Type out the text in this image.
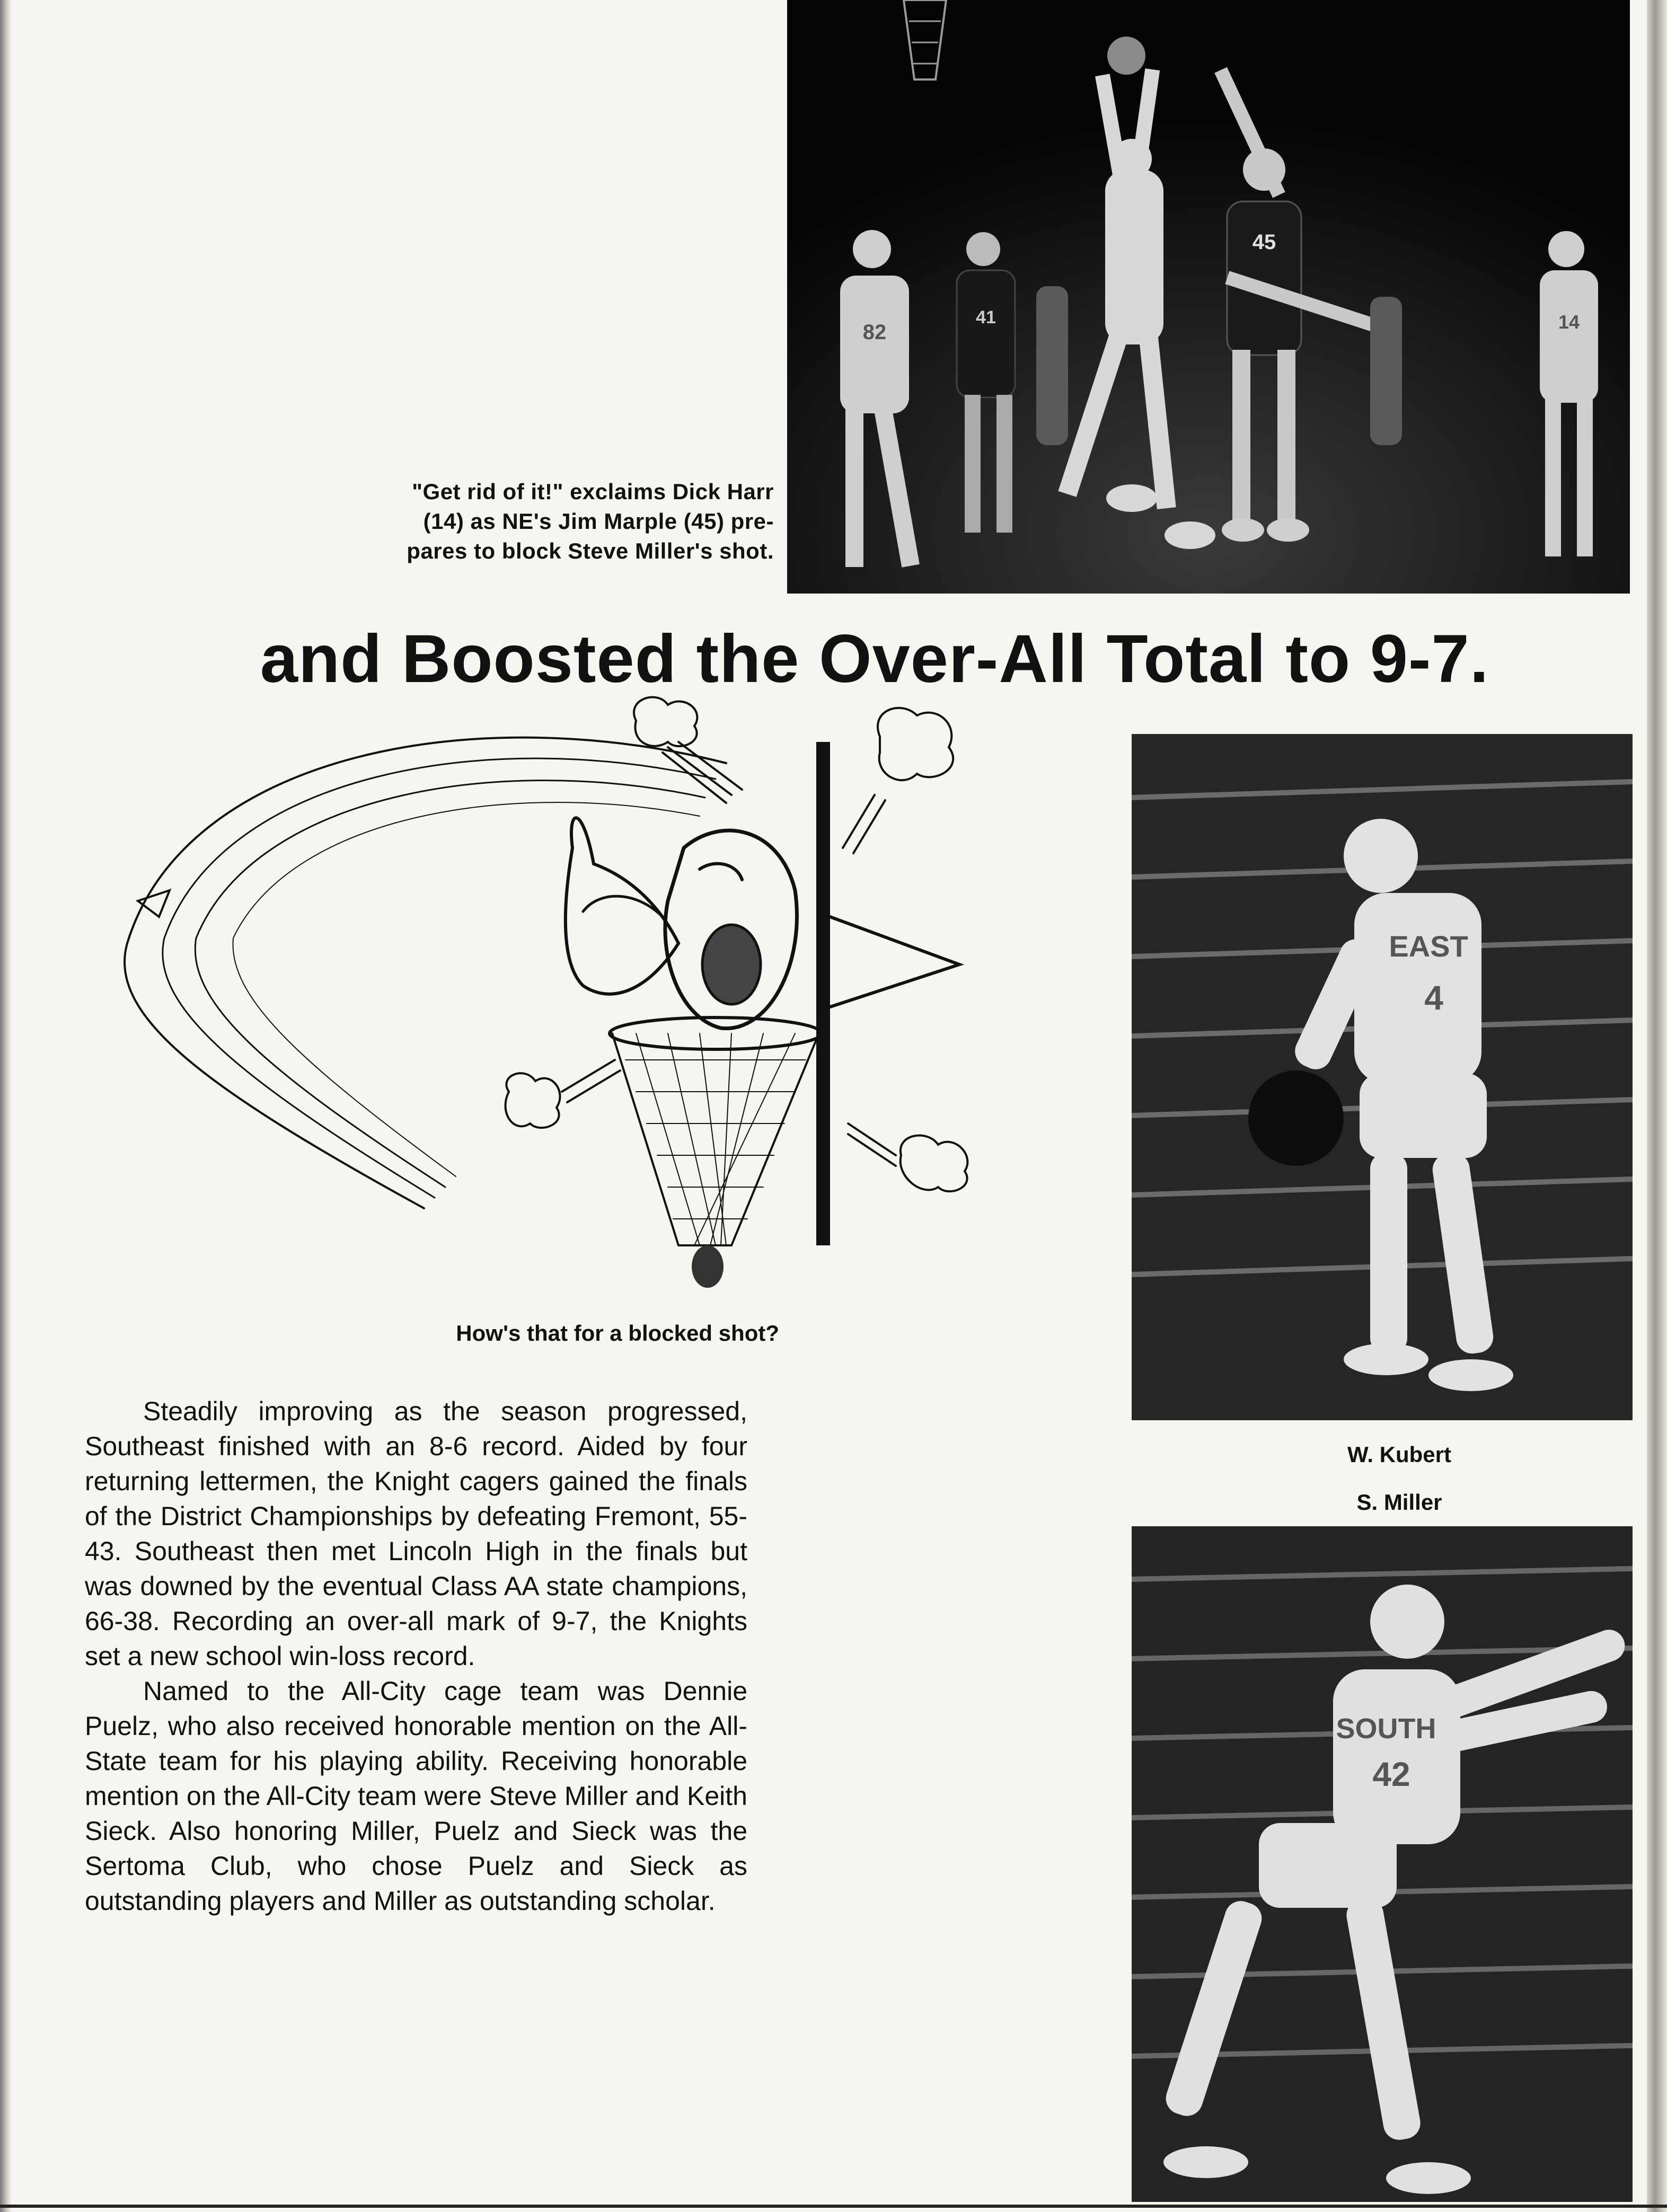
45
82
41	14
"Get rid of it!" exclaims Dick Harr
(14) as NE's Jim Marple (45) pre-
pares to block Steve Miller's shot.
and Boosted the Over-All Total to 9-7.
How's that for a blocked shot?

Steadily improving as the season progressed, Southeast finished with an 8-6 record. Aided by four returning lettermen, the Knight cagers gained the finals of the District Championships by defeating Fremont, 55-43. Southeast then met Lincoln High in the finals but was downed by the eventual Class AA state champions, 66-38. Recording an over-all mark of 9-7, the Knights set a new school win-loss record.

Named to the All-City cage team was Dennie Puelz, who also received honorable mention on the All-State team for his playing ability. Receiving honorable mention on the All-City team were Steve Miller and Keith Sieck. Also honoring Miller, Puelz and Sieck was the Sertoma Club, who chose Puelz and Sieck as outstanding players and Miller as outstanding scholar.

EAST
4
W. Kubert
S. Miller
SOUTH
42
